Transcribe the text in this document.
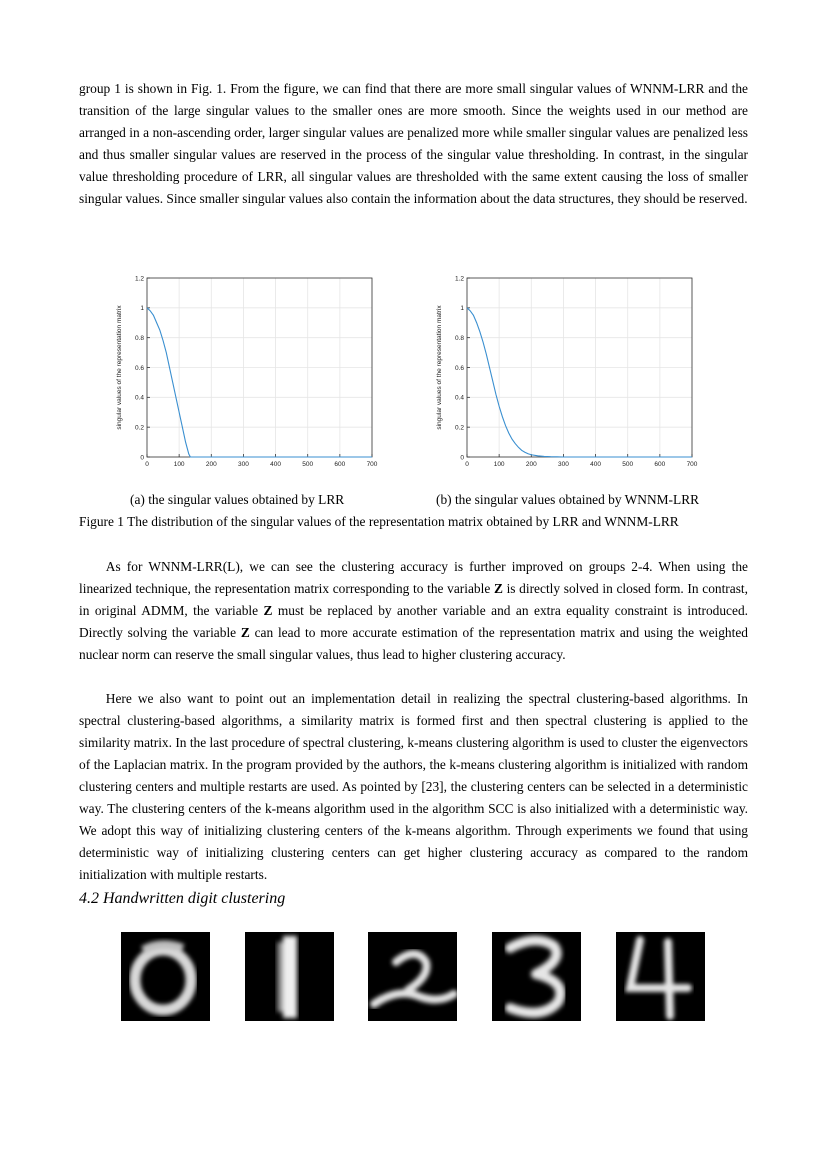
group 1 is shown in Fig. 1. From the figure, we can find that there are more small singular values of WNNM-LRR and the transition of the large singular values to the smaller ones are more smooth. Since the weights used in our method are arranged in a non-ascending order, larger singular values are penalized more while smaller singular values are penalized less and thus smaller singular values are reserved in the process of the singular value thresholding. In contrast, in the singular value thresholding procedure of LRR, all singular values are thresholded with the same extent causing the loss of smaller singular values. Since smaller singular values also contain the information about the data structures, they should be reserved.

0	100	200	300	400	500	600	700
0
0.2
0.4
0.6
0.8
1
1.2
singular values of the representation matrix
0	100	200	300	400	500	600	700
0
0.2
0.4
0.6
0.8
1
1.2
singular values of the representation matrix
(a) the singular values obtained by LRR	(b) the singular values obtained by WNNM-LRR

Figure 1 The distribution of the singular values of the representation matrix obtained by LRR and WNNM-LRR

As for WNNM-LRR(L), we can see the clustering accuracy is further improved on groups 2-4. When using the linearized technique, the representation matrix corresponding to the variable Z is directly solved in closed form. In contrast, in original ADMM, the variable Z must be replaced by another variable and an extra equality constraint is introduced. Directly solving the variable Z can lead to more accurate estimation of the representation matrix and using the weighted nuclear norm can reserve the small singular values, thus lead to higher clustering accuracy.

Here we also want to point out an implementation detail in realizing the spectral clustering-based algorithms. In spectral clustering-based algorithms, a similarity matrix is formed first and then spectral clustering is applied to the similarity matrix. In the last procedure of spectral clustering, k-means clustering algorithm is used to cluster the eigenvectors of the Laplacian matrix. In the program provided by the authors, the k-means clustering algorithm is initialized with random clustering centers and multiple restarts are used. As pointed by [23], the clustering centers can be selected in a deterministic way. The clustering centers of the k-means algorithm used in the algorithm SCC is also initialized with a deterministic way. We adopt this way of initializing clustering centers of the k-means algorithm. Through experiments we found that using deterministic way of initializing clustering centers can get higher clustering accuracy as compared to the random initialization with multiple restarts.

4.2 Handwritten digit clustering
